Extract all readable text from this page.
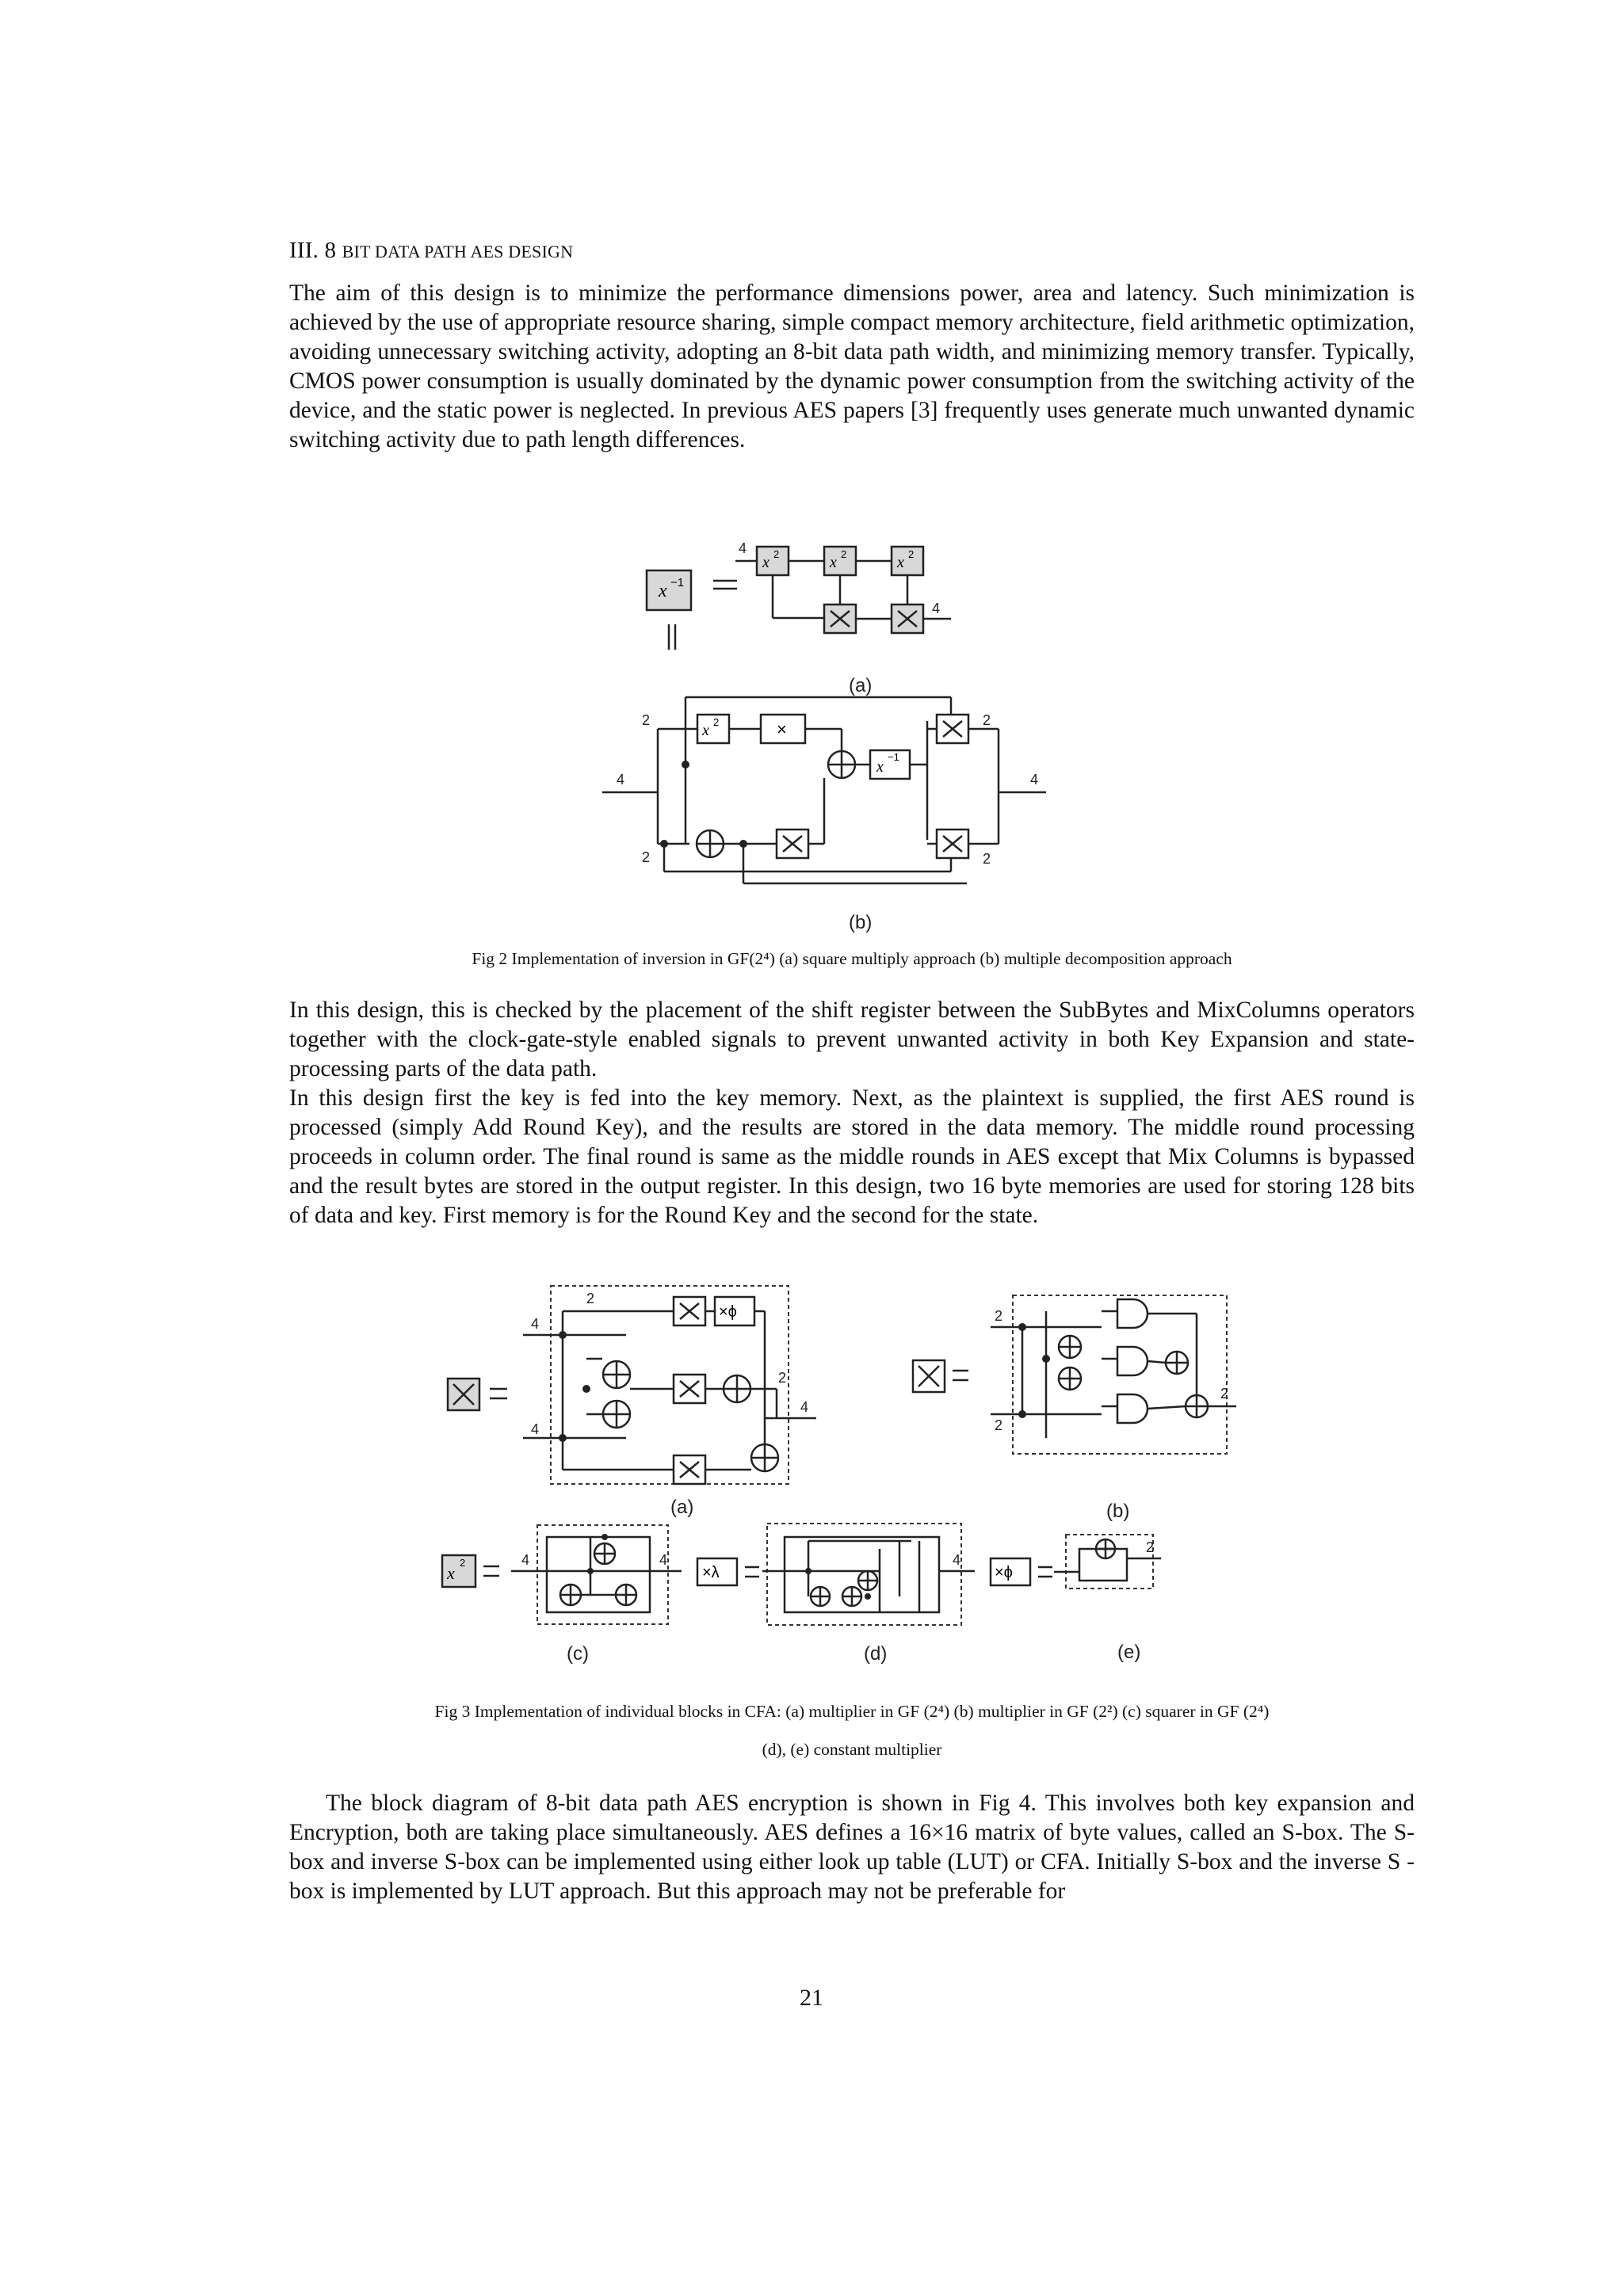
III. 8 BIT DATA PATH AES DESIGN

The aim of this design is to minimize the performance dimensions power, area and latency. Such minimization is achieved by the use of appropriate resource sharing, simple compact memory architecture, field arithmetic optimization, avoiding unnecessary switching activity, adopting an 8-bit data path width, and minimizing memory transfer. Typically, CMOS power consumption is usually dominated by the dynamic power consumption from the switching activity of the device, and the static power is neglected. In previous AES papers [3] frequently uses generate much unwanted dynamic switching activity due to path length differences.

x −1
4
x 2	x 2	x 2
4
(a)
4
2
2
x 2	×
x
−1
2
2
4
(b)
Fig 2 Implementation of inversion in GF(2⁴) (a) square multiply approach (b) multiple decomposition approach

In this design, this is checked by the placement of the shift register between the SubBytes and MixColumns operators together with the clock-gate-style enabled signals to prevent unwanted activity in both Key Expansion and state-processing parts of the data path.

In this design first the key is fed into the key memory. Next, as the plaintext is supplied, the first AES round is processed (simply Add Round Key), and the results are stored in the data memory. The middle round processing proceeds in column order. The final round is same as the middle rounds in AES except that Mix Columns is bypassed and the result bytes are stored in the output register. In this design, two 16 byte memories are used for storing 128 bits of data and key. First memory is for the Round Key and the second for the state.

×ϕ
2
4
4
2
4
(a)
2
2
2
(b)
x
2	4	4
(c)
×λ
4
(d)
×ϕ
2
(e)
Fig 3 Implementation of individual blocks in CFA: (a) multiplier in GF (2⁴) (b) multiplier in GF (2²) (c) squarer in GF (2⁴)
(d), (e) constant multiplier

The block diagram of 8-bit data path AES encryption is shown in Fig 4. This involves both key expansion and Encryption, both are taking place simultaneously. AES defines a 16×16 matrix of byte values, called an S-box. The S-box and inverse S-box can be implemented using either look up table (LUT) or CFA. Initially S-box and the inverse S - box is implemented by LUT approach. But this approach may not be preferable for

21
